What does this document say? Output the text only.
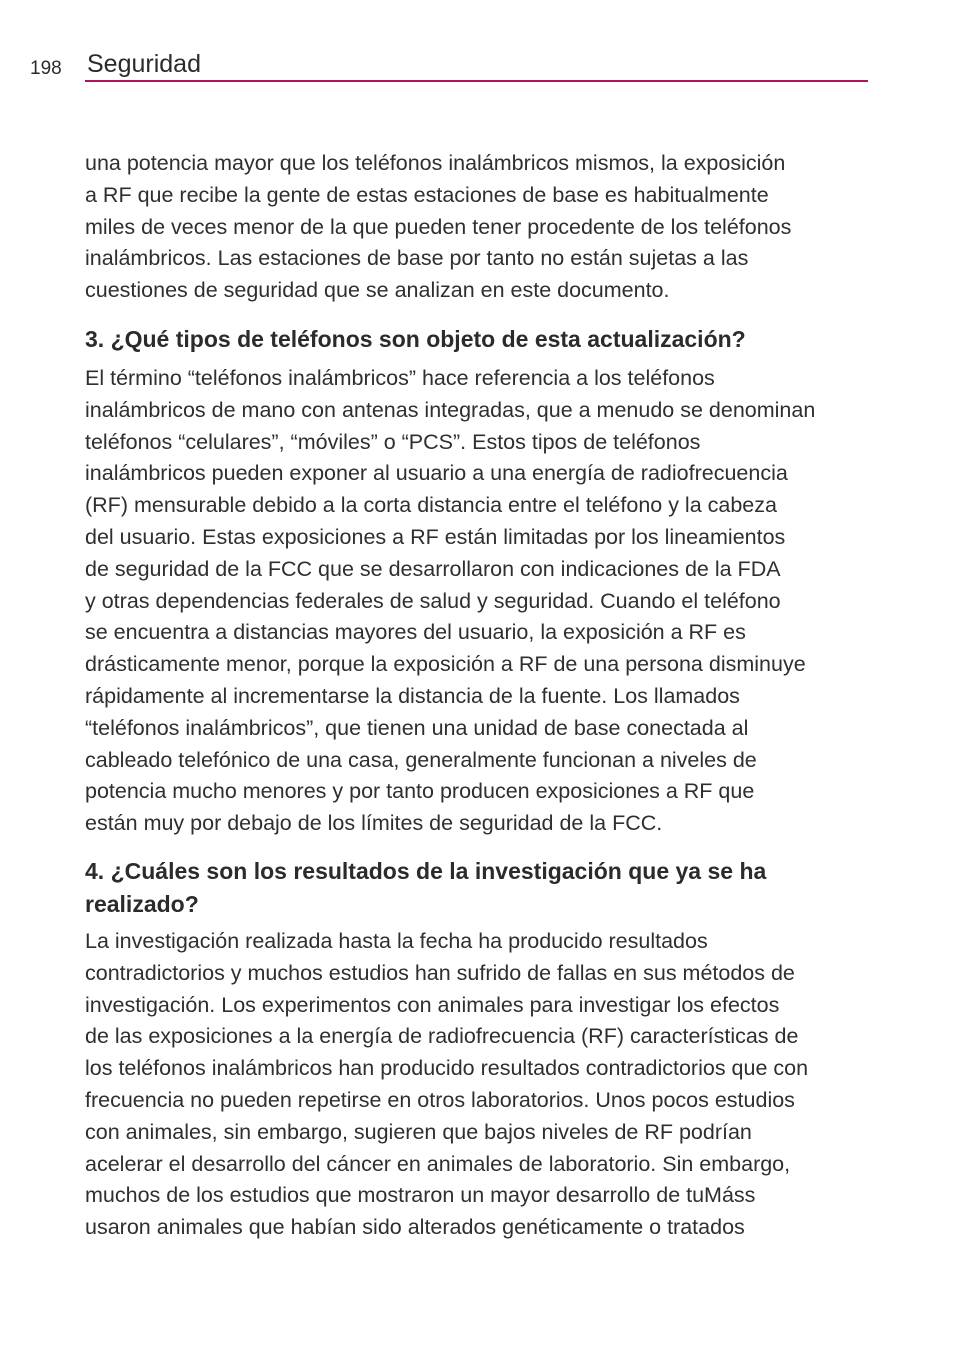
198 Seguridad

una potencia mayor que los teléfonos inalámbricos mismos, la exposición
a RF que recibe la gente de estas estaciones de base es habitualmente
miles de veces menor de la que pueden tener procedente de los teléfonos
inalámbricos. Las estaciones de base por tanto no están sujetas a las
cuestiones de seguridad que se analizan en este documento.

3. ¿Qué tipos de teléfonos son objeto de esta actualización?

El término “teléfonos inalámbricos” hace referencia a los teléfonos
inalámbricos de mano con antenas integradas, que a menudo se denominan
teléfonos “celulares”, “móviles” o “PCS”. Estos tipos de teléfonos
inalámbricos pueden exponer al usuario a una energía de radiofrecuencia
(RF) mensurable debido a la corta distancia entre el teléfono y la cabeza
del usuario. Estas exposiciones a RF están limitadas por los lineamientos
de seguridad de la FCC que se desarrollaron con indicaciones de la FDA
y otras dependencias federales de salud y seguridad. Cuando el teléfono
se encuentra a distancias mayores del usuario, la exposición a RF es
drásticamente menor, porque la exposición a RF de una persona disminuye
rápidamente al incrementarse la distancia de la fuente. Los llamados
“teléfonos inalámbricos”, que tienen una unidad de base conectada al
cableado telefónico de una casa, generalmente funcionan a niveles de
potencia mucho menores y por tanto producen exposiciones a RF que
están muy por debajo de los límites de seguridad de la FCC.

4. ¿Cuáles son los resultados de la investigación que ya se ha
realizado?

La investigación realizada hasta la fecha ha producido resultados
contradictorios y muchos estudios han sufrido de fallas en sus métodos de
investigación. Los experimentos con animales para investigar los efectos
de las exposiciones a la energía de radiofrecuencia (RF) características de
los teléfonos inalámbricos han producido resultados contradictorios que con
frecuencia no pueden repetirse en otros laboratorios. Unos pocos estudios
con animales, sin embargo, sugieren que bajos niveles de RF podrían
acelerar el desarrollo del cáncer en animales de laboratorio. Sin embargo,
muchos de los estudios que mostraron un mayor desarrollo de tuMáss
usaron animales que habían sido alterados genéticamente o tratados
